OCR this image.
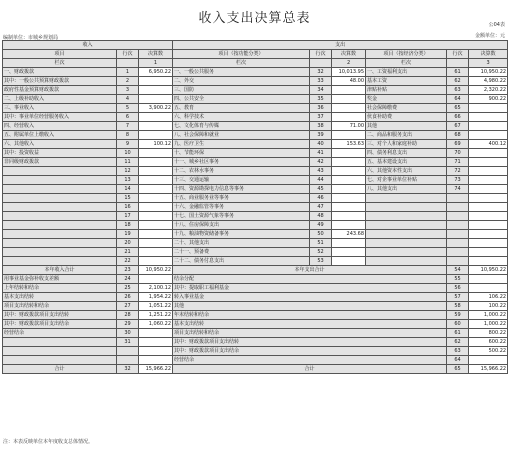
收入支出决算总表	公04表
金额单位：元
编制单位：市城乡规划局
收入			支出					
项目	行次	决算数	项目（按功能分类）	行次	决算数	项目（按经济分类）	行次	决算数
栏次		1	栏次		2	栏次		3
一、财政拨款	1	6,950.22	一、一般公共服务	32	10,013.95	一、工资福利支出	61	10,950.22
其中：一般公共预算财政拨款	2		二、外交	33	48.00	基本工资	62	4,980.22
政府性基金预算财政拨款	3		三、国防	34		津贴补贴	63	2,320.22
二、上级补助收入	4		四、公共安全	35		奖金	64	900.22
三、事业收入	5	3,900.22	五、教育	36		社会保障缴费	65	
其中：事业单位经营服务收入	6		六、科学技术	37		伙食补助费	66	
四、经营收入	7		七、文化体育与传媒	38	71.00	其他	67	
五、附属单位上缴收入	8		八、社会保障和就业	39		二、商品和服务支出	68	
六、其他收入	9	100.12	九、医疗卫生	40	153.63	三、对个人和家庭补助	69	400.12
其中：投资收益	10		十、节能环保	41		四、债务利息支出	70	
非同级财政拨款	11		十一、城乡社区事务	42		五、基本建设支出	71	
	12		十二、农林水事务	43		六、其他资本性支出	72	
	13		十三、交通运输	44		七、对企事业单位补贴	73	
	14		十四、资源勘探电力信息等事务	45		八、其他支出	74	
	15		十五、商业服务业等事务	46				
	16		十六、金融监管等事务	47				
	17		十七、国土资源气象等事务	48				
	18		十八、住房保障支出	49				
	19		十九、粮油物资储备事务	50	243.68			
	20		二十、其他支出	51				
	21		二十一、预备费	52				
	22		二十二、债务付息支出	53				
本年收入合计	23	10,950.22	本年支出合计				54	10,950.22
用事业基金弥补收支差额	24		结余分配				55	
上年结转和结余	25	2,100.12	其中：提取职工福利基金				56	
基本支出结转	26	1,954.22	转入事业基金				57	106.22
项目支出结转和结余	27	1,051.22	其他				58	100.22
其中：财政拨款项目支出结转	28	1,251.22	年末结转和结余				59	1,000.22
其中：财政拨款项目支出结余	29	1,060.22	基本支出结转				60	1,000.22
经营结余	30		项目支出结转和结余				61	800.22
	31		其中：财政拨款项目支出结转				62	600.22
			其中：财政拨款项目支出结余				63	500.22
			经营结余				64	
合计	32	15,966.22	合计				65	15,966.22
注：本表反映单位本年度收支总体情况。
